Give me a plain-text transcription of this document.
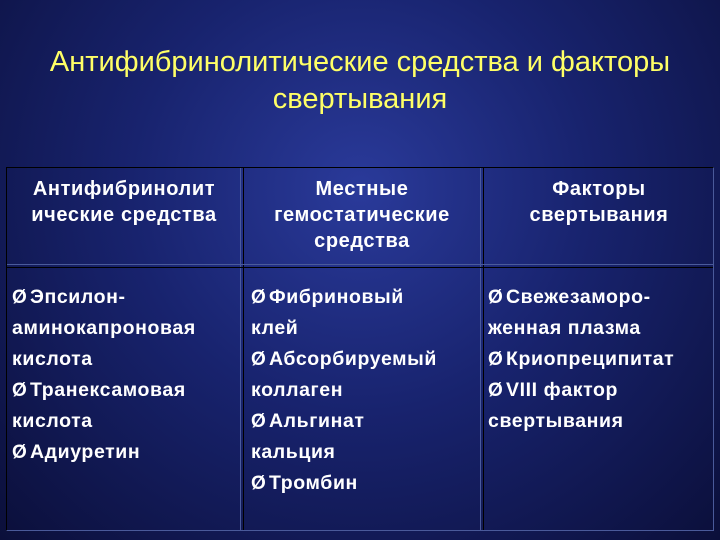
Антифибринолитические средства и факторы
свертывания
Антифибринолит
ические средства
Местные
гемостатические
средства
Факторы
свертывания
Ø Эпсилон-
аминокапроновая
кислота
Ø Транексамовая
кислота
Ø Адиуретин
Ø Фибриновый
клей
Ø Абсорбируемый
коллаген
Ø Альгинат
кальция
Ø Тромбин
Ø Свежезаморо-
женная плазма
Ø Криопреципитат
Ø VIII фактор
свертывания
